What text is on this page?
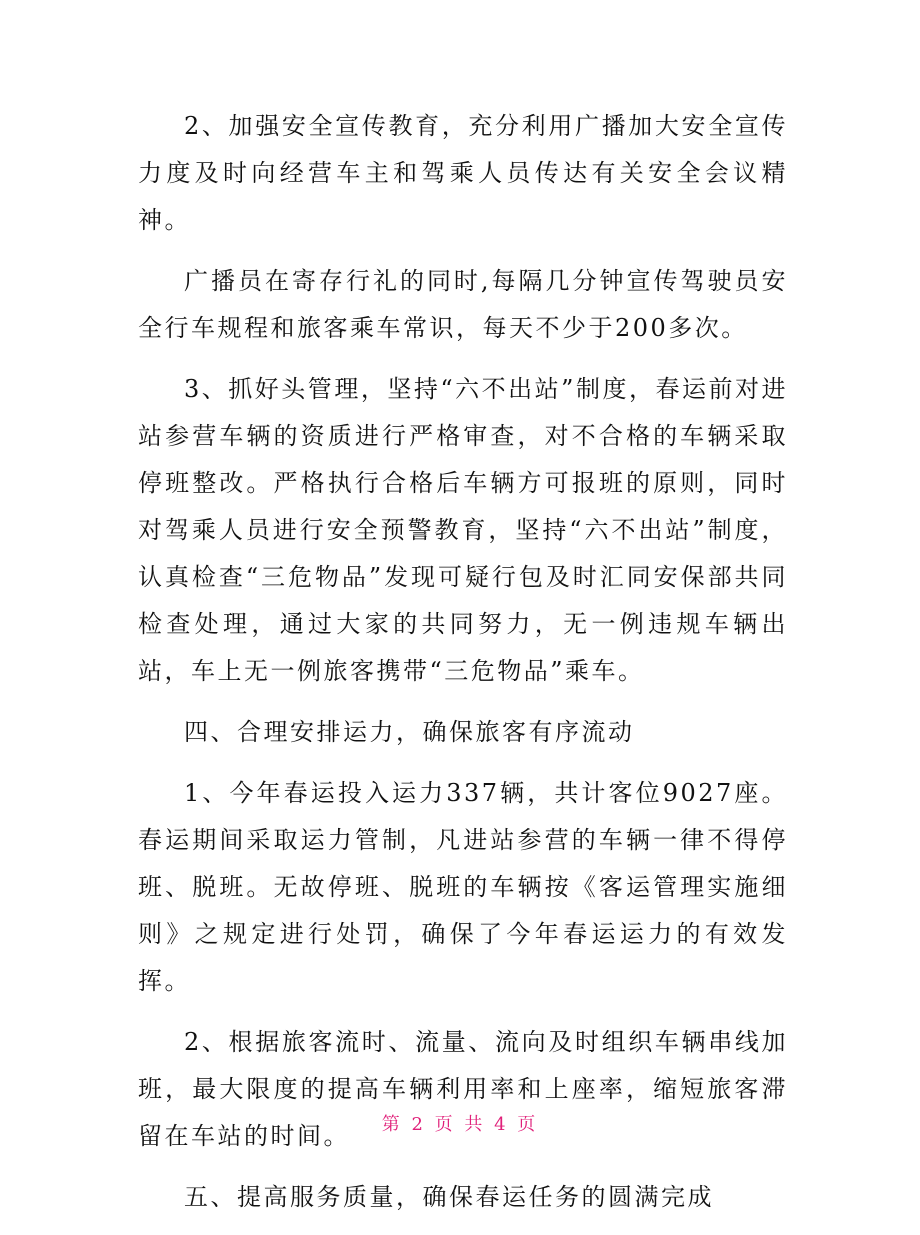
2、加强安全宣传教育，充分利用广播加大安全宣传力度及时向经营车主和驾乘人员传达有关安全会议精神。

广播员在寄存行礼的同时,每隔几分钟宣传驾驶员安全行车规程和旅客乘车常识，每天不少于200多次。

3、抓好头管理，坚持“六不出站”制度，春运前对进站参营车辆的资质进行严格审查，对不合格的车辆采取停班整改。严格执行合格后车辆方可报班的原则，同时对驾乘人员进行安全预警教育，坚持“六不出站”制度，认真检查“三危物品”发现可疑行包及时汇同安保部共同检查处理，通过大家的共同努力，无一例违规车辆出站，车上无一例旅客携带“三危物品”乘车。

四、合理安排运力，确保旅客有序流动

1、今年春运投入运力337辆，共计客位9027座。春运期间采取运力管制，凡进站参营的车辆一律不得停班、脱班。无故停班、脱班的车辆按《客运管理实施细则》之规定进行处罚，确保了今年春运运力的有效发挥。

2、根据旅客流时、流量、流向及时组织车辆串线加班，最大限度的提高车辆利用率和上座率，缩短旅客滞留在车站的时间。

五、提高服务质量，确保春运任务的圆满完成

第 2 页 共 4 页
